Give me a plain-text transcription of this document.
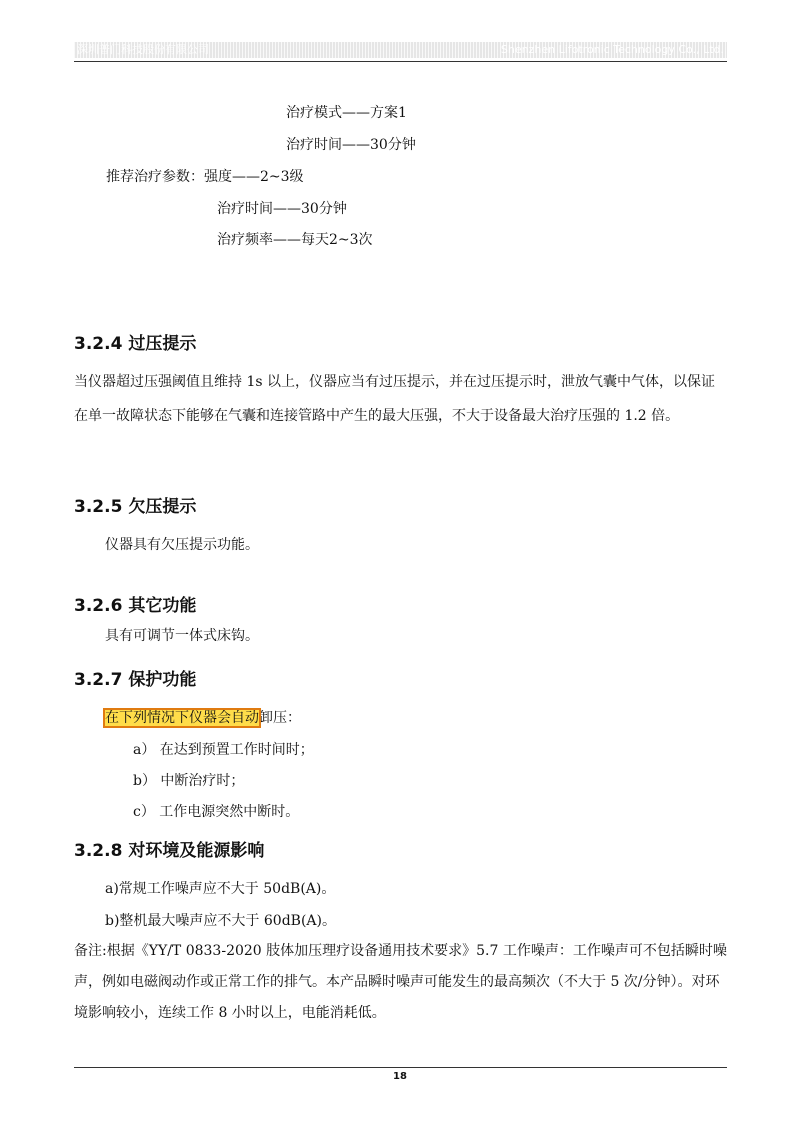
深圳普门科技股份有限公司	Shenzhen Lifotronic Technology Co., Ltd.
治疗模式——方案1
治疗时间——30分钟
推荐治疗参数：强度——2~3级
治疗时间——30分钟
治疗频率——每天2~3次
3.2.4 过压提示
当仪器超过压强阈值且维持 1s 以上，仪器应当有过压提示，并在过压提示时，泄放气囊中气体，以保证在单一故障状态下能够在气囊和连接管路中产生的最大压强，不大于设备最大治疗压强的 1.2 倍。
3.2.5 欠压提示
仪器具有欠压提示功能。
3.2.6 其它功能
具有可调节一体式床钩。
3.2.7 保护功能
在下列情况下仪器会自动卸压：
a） 在达到预置工作时间时；
b） 中断治疗时；
c） 工作电源突然中断时。
3.2.8 对环境及能源影响
a)常规工作噪声应不大于 50dB(A)。
b)整机最大噪声应不大于 60dB(A)。
备注:根据《YY/T 0833-2020 肢体加压理疗设备通用技术要求》5.7 工作噪声：工作噪声可不包括瞬时噪声，例如电磁阀动作或正常工作的排气。本产品瞬时噪声可能发生的最高频次（不大于 5 次/分钟）。对环境影响较小，连续工作 8 小时以上，电能消耗低。
18
